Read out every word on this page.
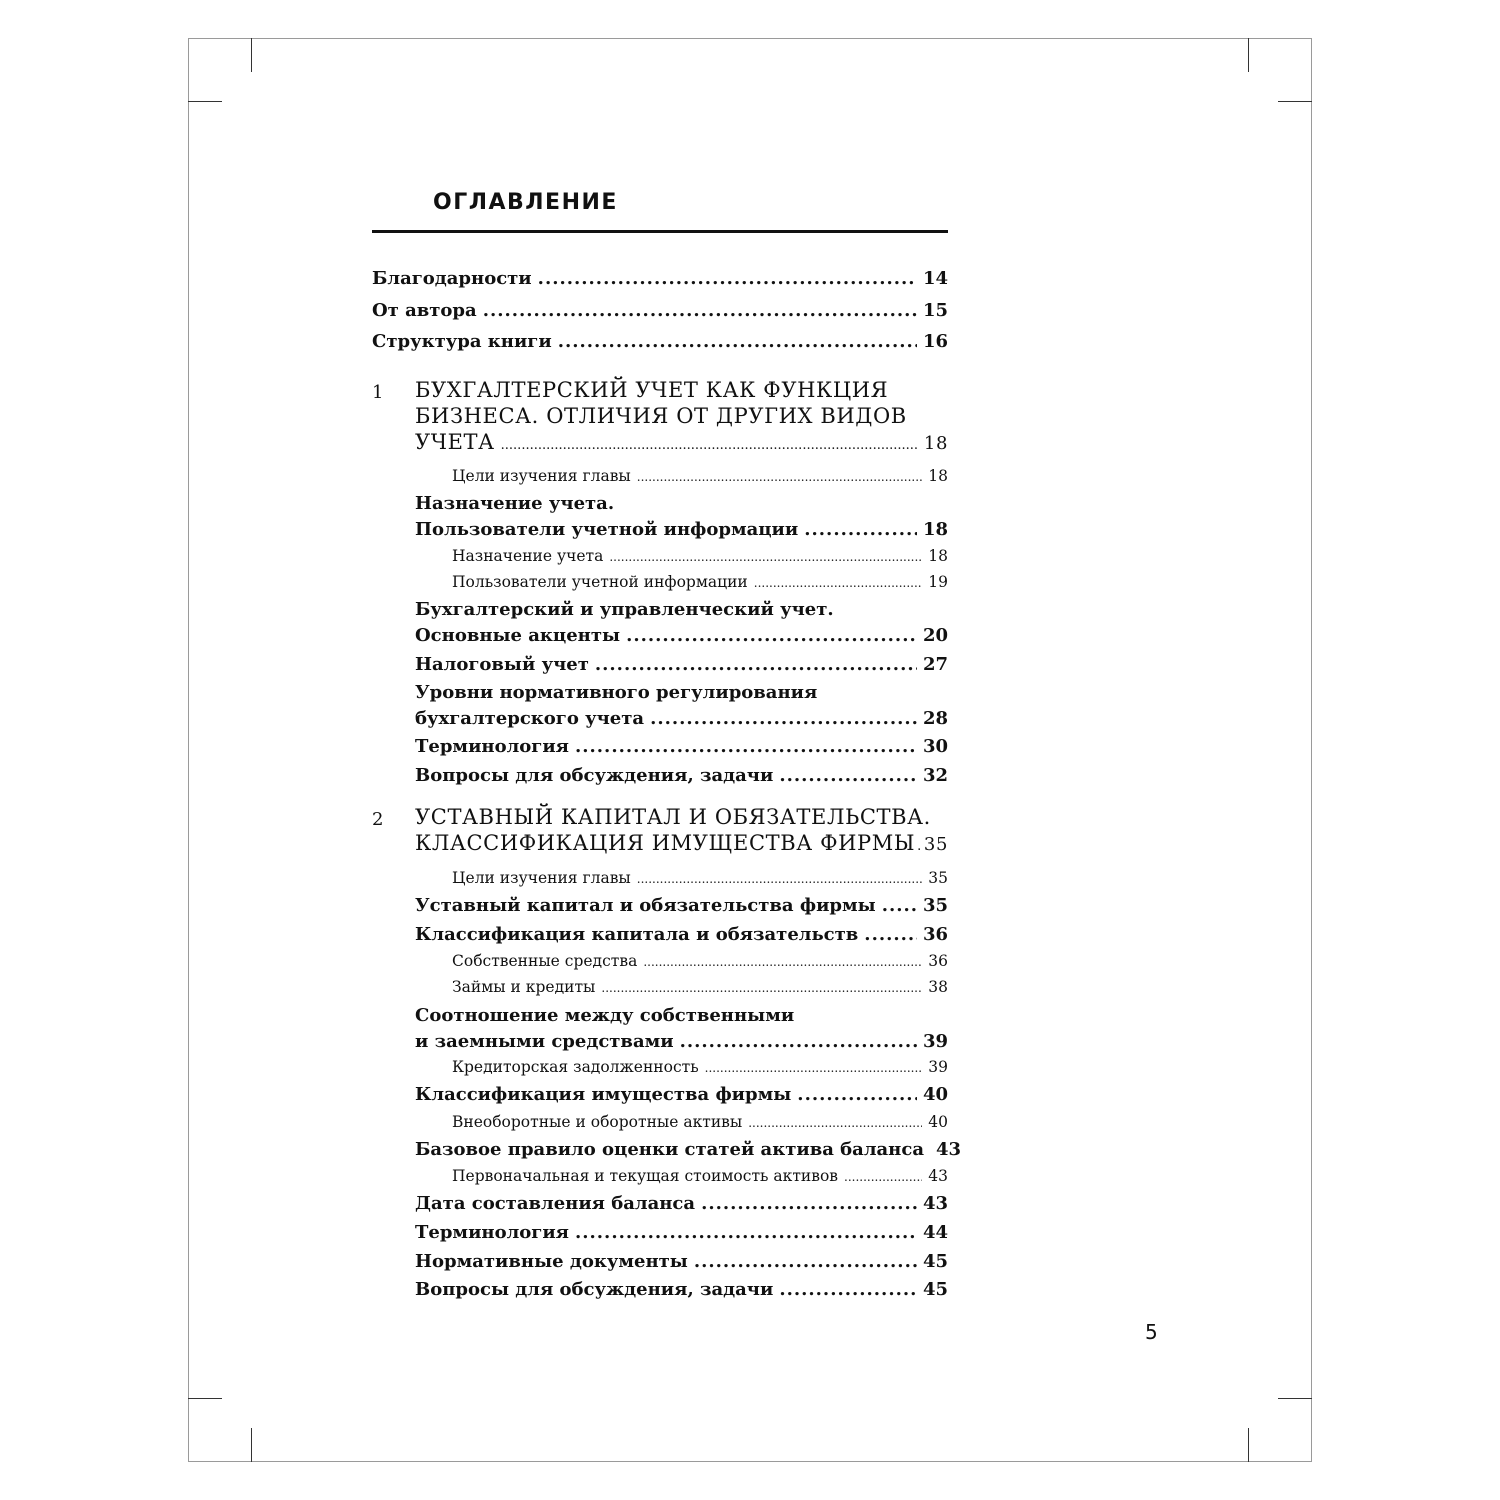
ОГЛАВЛЕНИЕ
Благодарности .....	14
От автора .....	15
Структура книги .....	16
1 БУХГАЛТЕРСКИЙ УЧЕТ КАК ФУНКЦИЯ
БИЗНЕСА. ОТЛИЧИЯ ОТ ДРУГИХ ВИДОВ
УЧЕТА .....	18
Цели изучения главы .....	18
Назначение учета.
Пользователи учетной информации .....	18
Назначение учета .....	18
Пользователи учетной информации .....	19
Бухгалтерский и управленческий учет.
Основные акценты .....	20
Налоговый учет .....	27
Уровни нормативного регулирования
бухгалтерского учета .....	28
Терминология .....	30
Вопросы для обсуждения, задачи .....	32
2 УСТАВНЫЙ КАПИТАЛ И ОБЯЗАТЕЛЬСТВА.
КЛАССИФИКАЦИЯ ИМУЩЕСТВА ФИРМЫ ..... 35
Цели изучения главы .....	35
Уставный капитал и обязательства фирмы .....	35
Классификация капитала и обязательств .....	36
Собственные средства .....	36
Займы и кредиты .....	38
Соотношение между собственными
и заемными средствами .....	39
Кредиторская задолженность .....	39
Классификация имущества фирмы .....	40
Внеоборотные и оборотные активы .....	40
Базовое правило оценки статей актива баланса 43
Первоначальная и текущая стоимость активов .....	43
Дата составления баланса .....	43
Терминология .....	44
Нормативные документы .....	45
Вопросы для обсуждения, задачи .....	45
5
